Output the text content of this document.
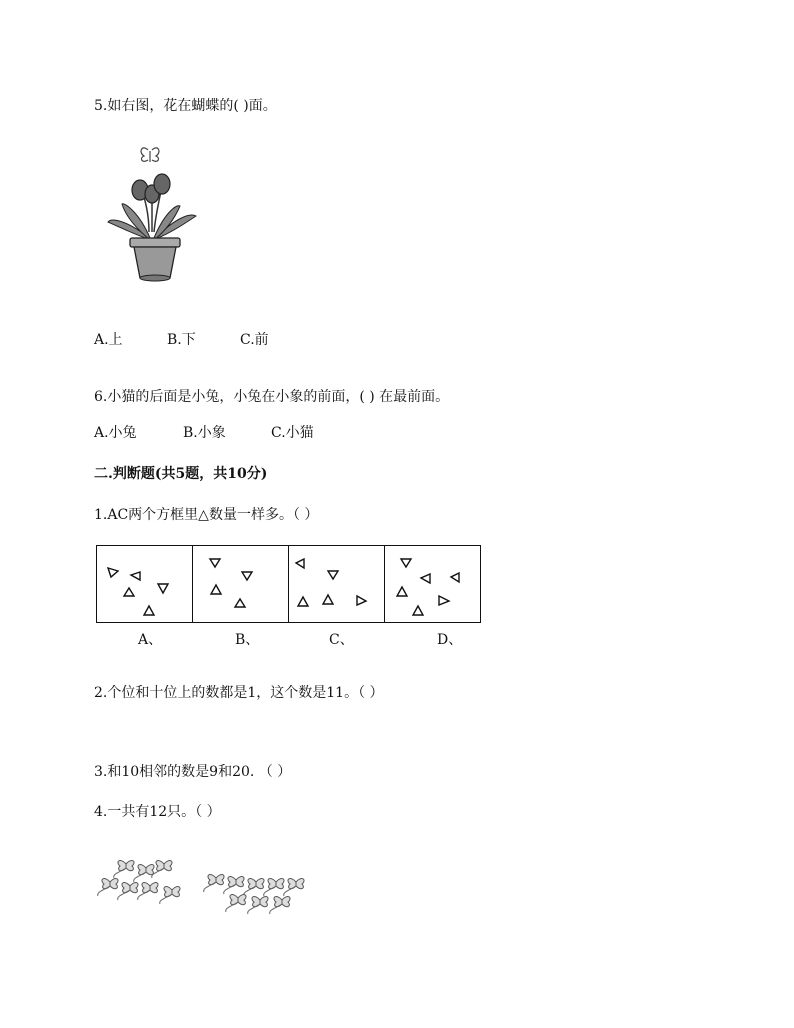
5.如右图，花在蝴蝶的( )面。
A.上	B.下	C.前
6.小猫的后面是小兔，小兔在小象的前面，( ) 在最前面。
A.小兔	B.小象	C.小猫
二.判断题(共5题，共10分)
1.AC两个方框里△数量一样多。（ ）
A、	B、	C、	D、
2.个位和十位上的数都是1，这个数是11。（ ）
3.和10相邻的数是9和20. （ ）
4.一共有12只。（ ）
